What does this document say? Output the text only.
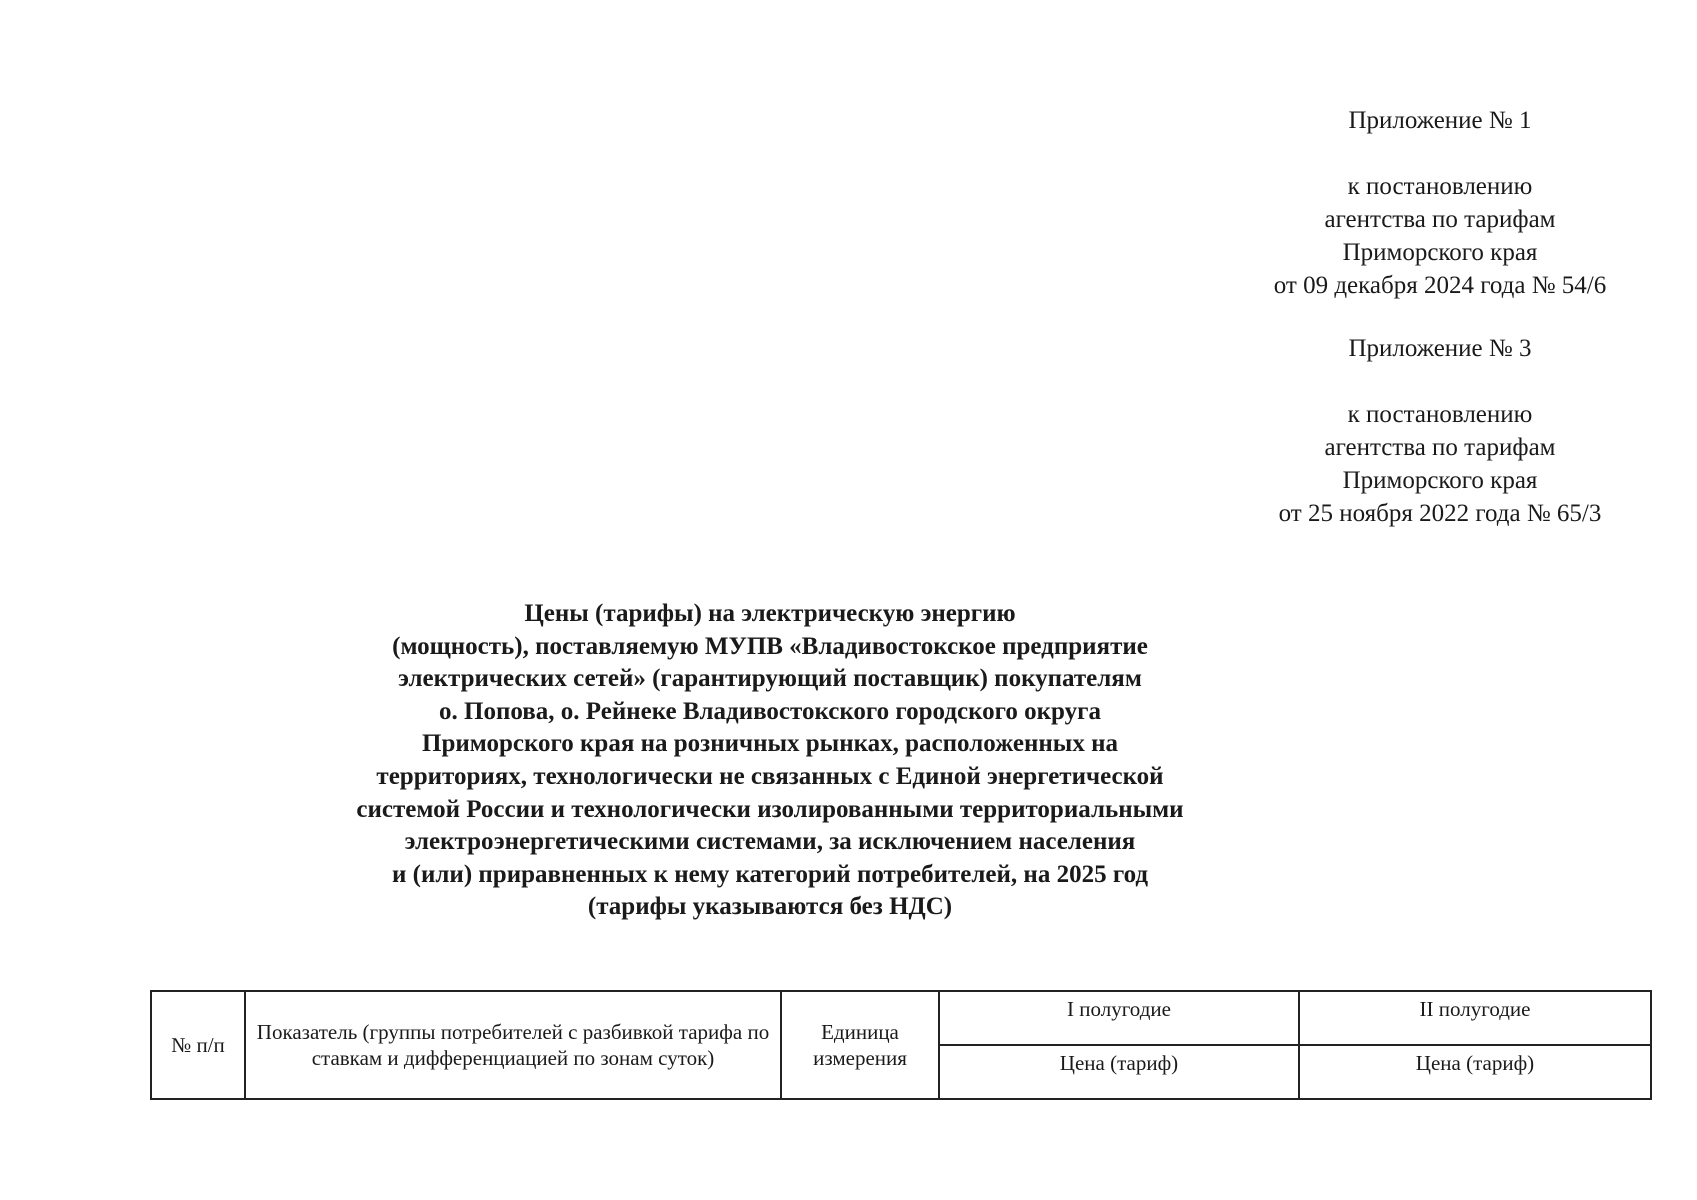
Приложение № 1
к постановлению
агентства по тарифам
Приморского края
от 09 декабря 2024 года № 54/6
Приложение № 3
к постановлению
агентства по тарифам
Приморского края
от 25 ноября 2022 года № 65/3
Цены (тарифы) на электрическую энергию
(мощность), поставляемую МУПВ «Владивостокское предприятие
электрических сетей» (гарантирующий поставщик) покупателям
о. Попова, о. Рейнеке Владивостокского городского округа
Приморского края на розничных рынках, расположенных на
территориях, технологически не связанных с Единой энергетической
системой России и технологически изолированными территориальными
электроэнергетическими системами, за исключением населения
и (или) приравненных к нему категорий потребителей, на 2025 год
(тарифы указываются без НДС)
№ п/п	Показатель (группы потребителей с разбивкой тарифа по ставкам и дифференциацией по зонам суток)	Единица измерения	I полугодие	II полугодие
			Цена (тариф)	Цена (тариф)
